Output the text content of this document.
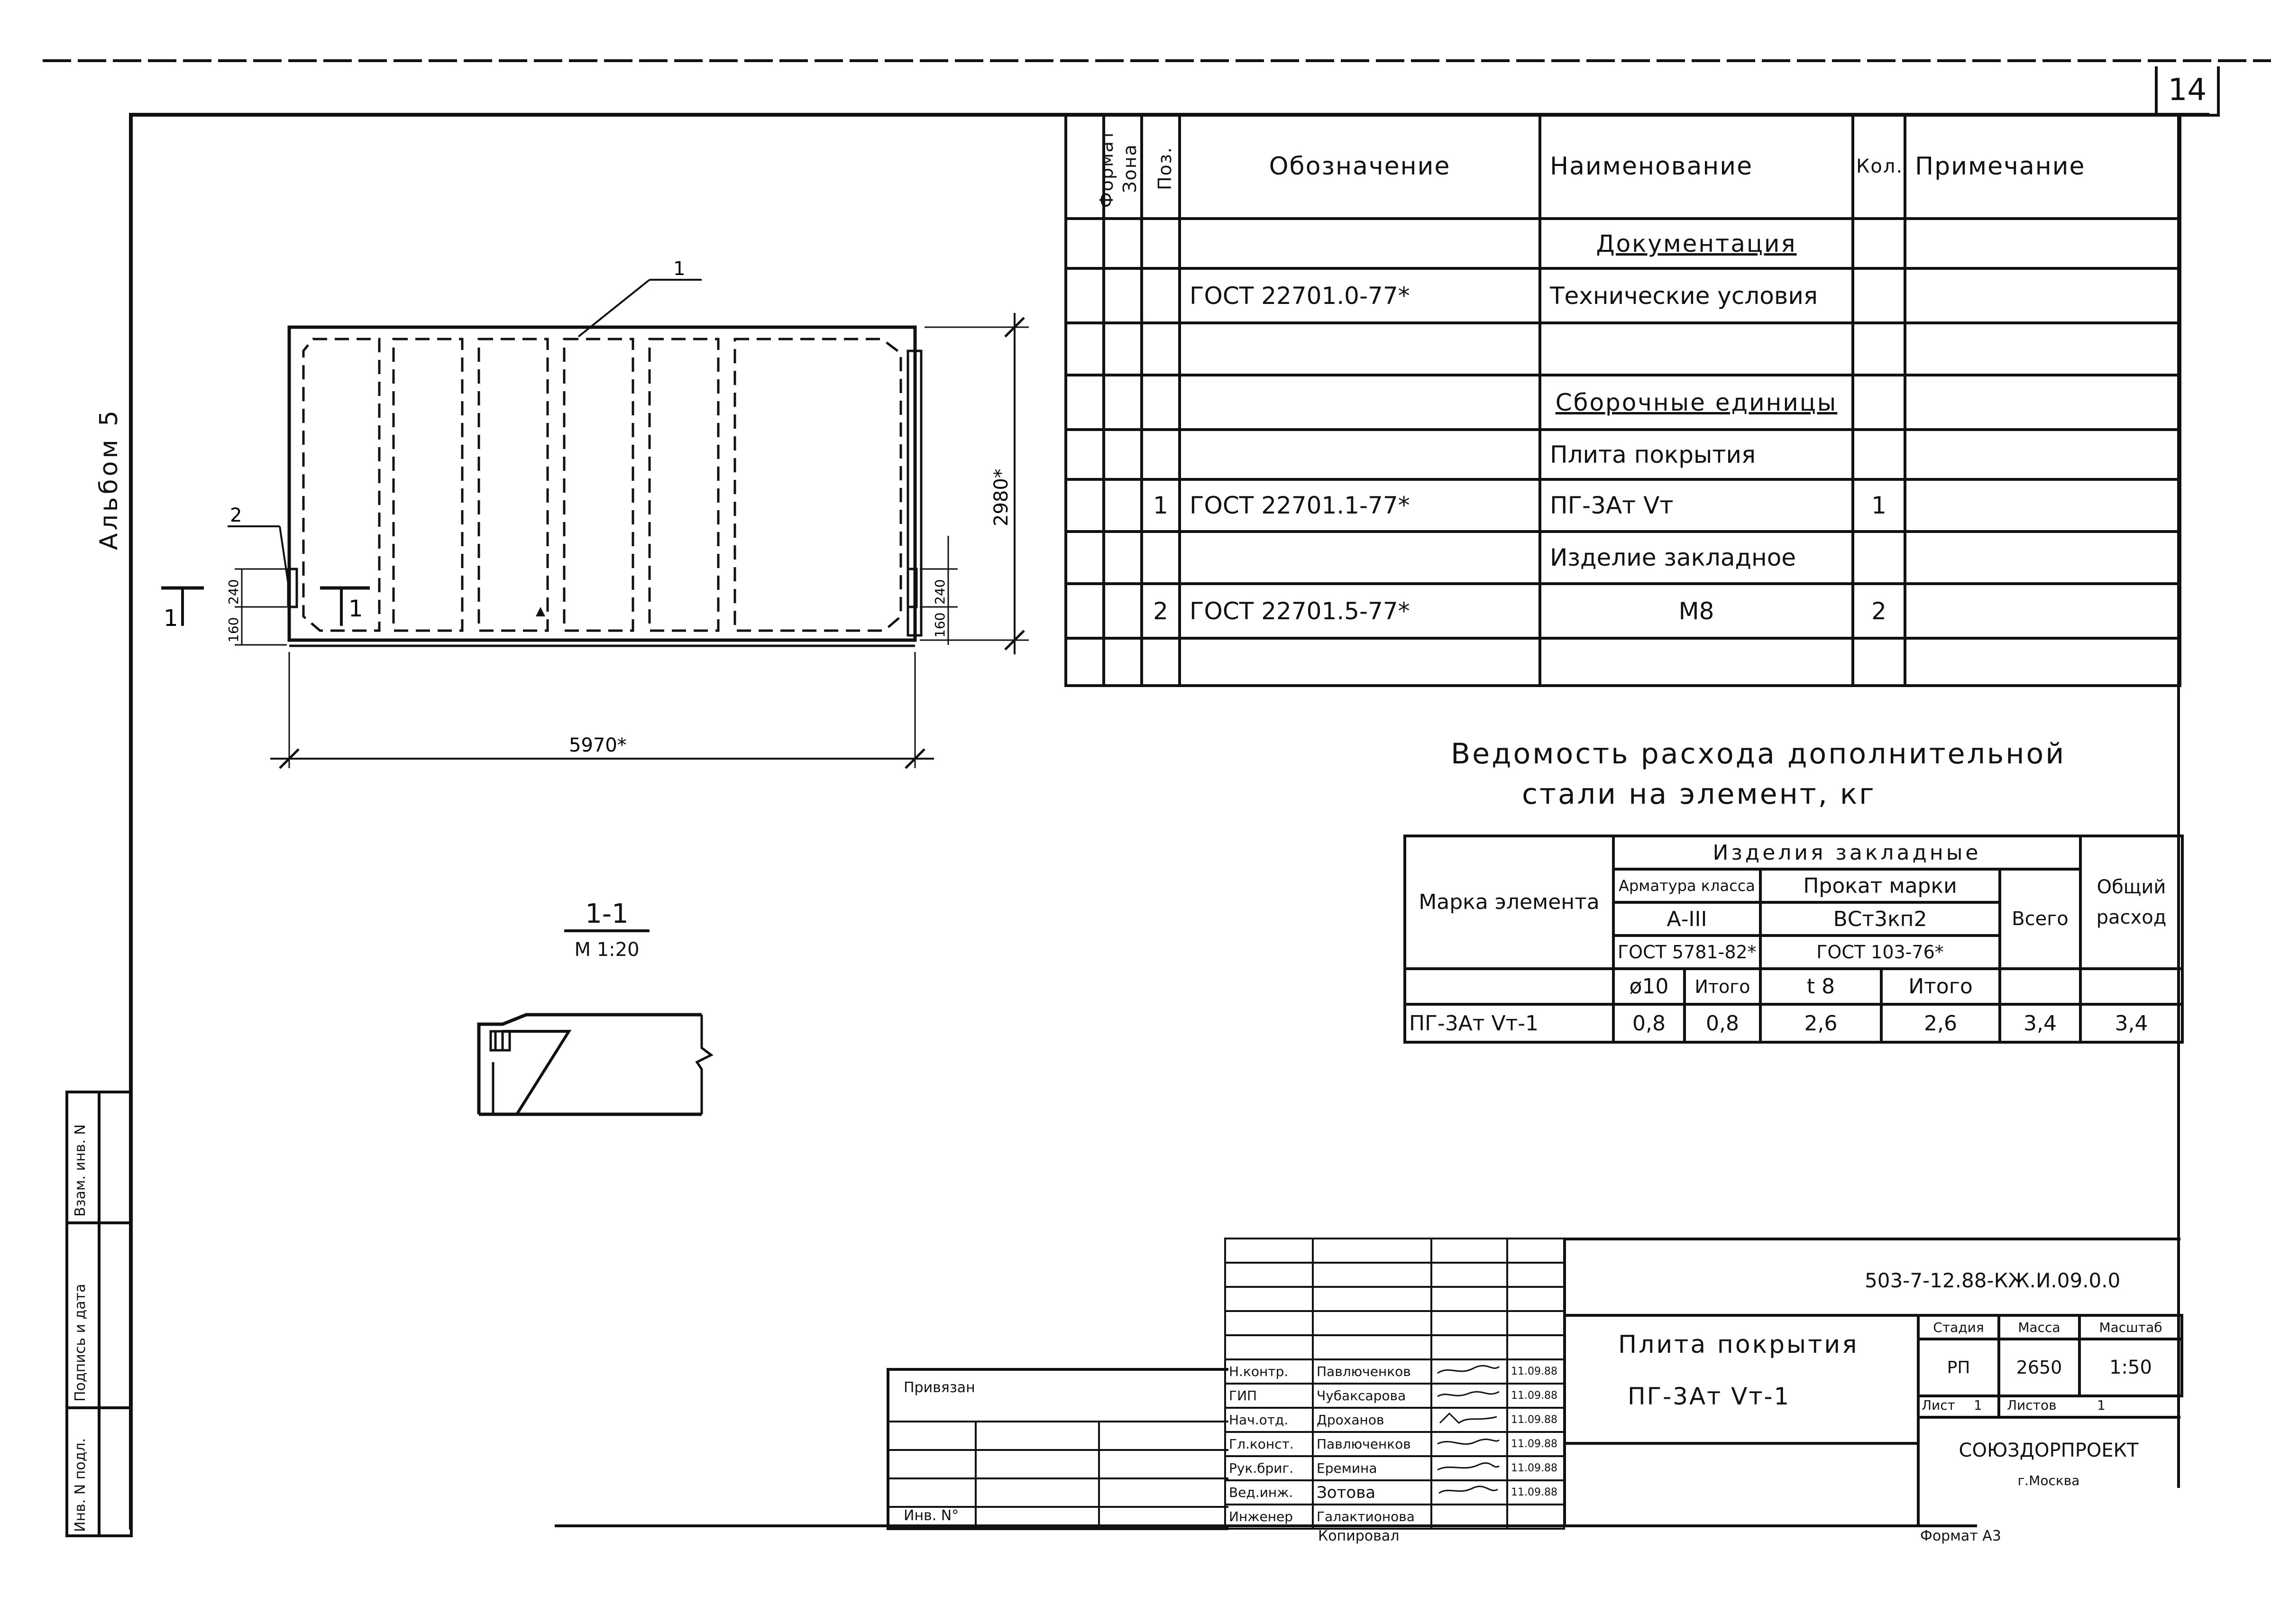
14
Альбом 5
Взам. инв. N
Подпись и дата
Инв. N подл.
1
2
1	1
5970*
2980*
240
160
240
160
1-1
М 1:20
Формат	Зона	Поз.	Обозначение	Наименование	Кол.	Примечание
				Документация		
			ГОСТ 22701.0-77*	Технические условия		

				Сборочные единицы		
				Плита покрытия		
		1	ГОСТ 22701.1-77*	ПГ-3Ат Vт	1	
				Изделие закладное		
		2	ГОСТ 22701.5-77*	М8	2	

Ведомость расхода дополнительной
стали на элемент, кг
Марка элемента	Изделия закладные					Общий расход
	Арматура класса		Прокат марки		Всего	
	А-III		ВСт3кп2			
	ГОСТ 5781-82*		ГОСТ 103-76*			
	ø10	Итого	t 8	Итого		
ПГ-3Ат Vт-1	0,8	0,8	2,6	2,6	3,4	3,4
Привязан
Инв. N°

Н.контр.	Павлюченков		11.09.88
ГИП	Чубаксарова		11.09.88
Нач.отд.	Дроханов		11.09.88
Гл.конст.	Павлюченков		11.09.88
Рук.бриг.	Еремина		11.09.88
Вед.инж.	Зотова		11.09.88
Инженер	Галактионова		
503-7-12.88-КЖ.И.09.0.0
Плита покрытия
ПГ-3Ат Vт-1
Стадия	Масса	Масштаб
РП	2650	1:50
Лист 1 Листов	1
СОЮЗДОРПРОЕКТ
г.Москва
Копировал	Формат А3
